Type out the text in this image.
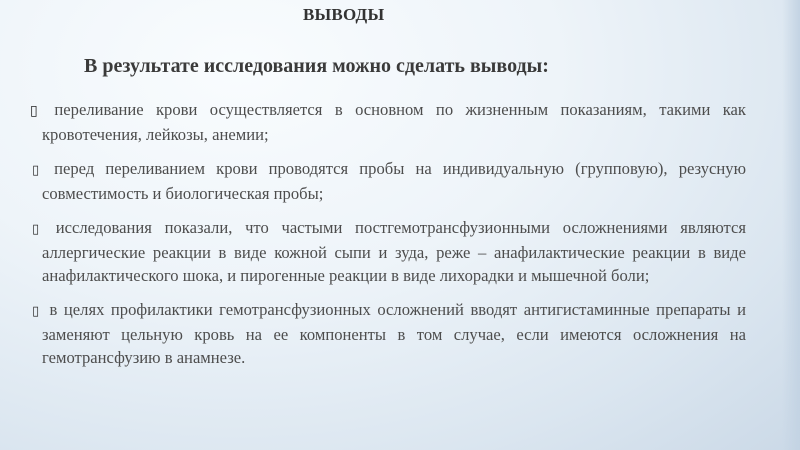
ВЫВОДЫ
В результате исследования можно сделать выводы:
▯ переливание крови осуществляется в основном по жизненным показаниям, такими как кровотечения, лейкозы, анемии;
▯ перед переливанием крови проводятся пробы на индивидуальную (групповую), резусную совместимость и биологическая пробы;
▯ исследования показали, что частыми постгемотрансфузионными осложнениями являются аллергические реакции в виде кожной сыпи и зуда, реже – анафилактические реакции в виде анафилактического шока, и пирогенные реакции в виде лихорадки и мышечной боли;
▯ в целях профилактики гемотрансфузионных осложнений вводят антигистаминные препараты и заменяют цельную кровь на ее компоненты в том случае, если имеются осложнения на гемотрансфузию в анамнезе.
